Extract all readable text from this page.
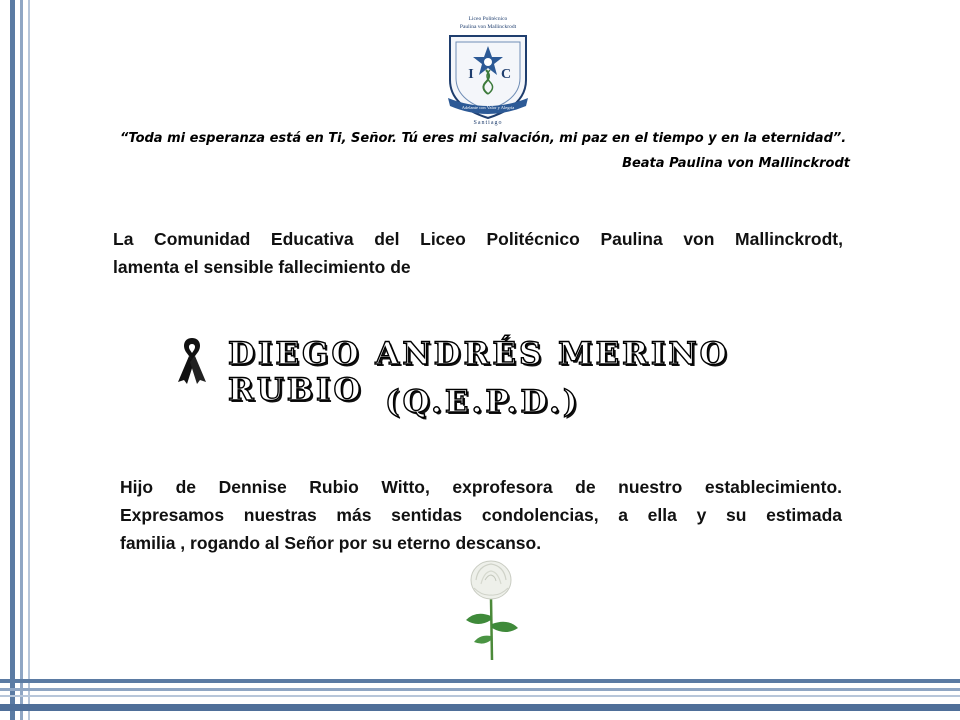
Liceo Politécnico
Paulina von Mallinckrodt
I C
Adelante con Valor y Alegría
Santiago
“Toda mi esperanza está en Ti, Señor. Tú eres mi salvación, mi paz en el tiempo y en la eternidad”.
Beata Paulina von Mallinckrodt
La Comunidad Educativa del Liceo Politécnico Paulina von Mallinckrodt,
lamenta el sensible fallecimiento de
DIEGO ANDRÉS MERINO RUBIO (Q.E.P.D.)
Hijo de Dennise Rubio Witto, exprofesora de nuestro establecimiento.
Expresamos nuestras más sentidas condolencias, a ella y su estimada
familia , rogando al Señor por su eterno descanso.
